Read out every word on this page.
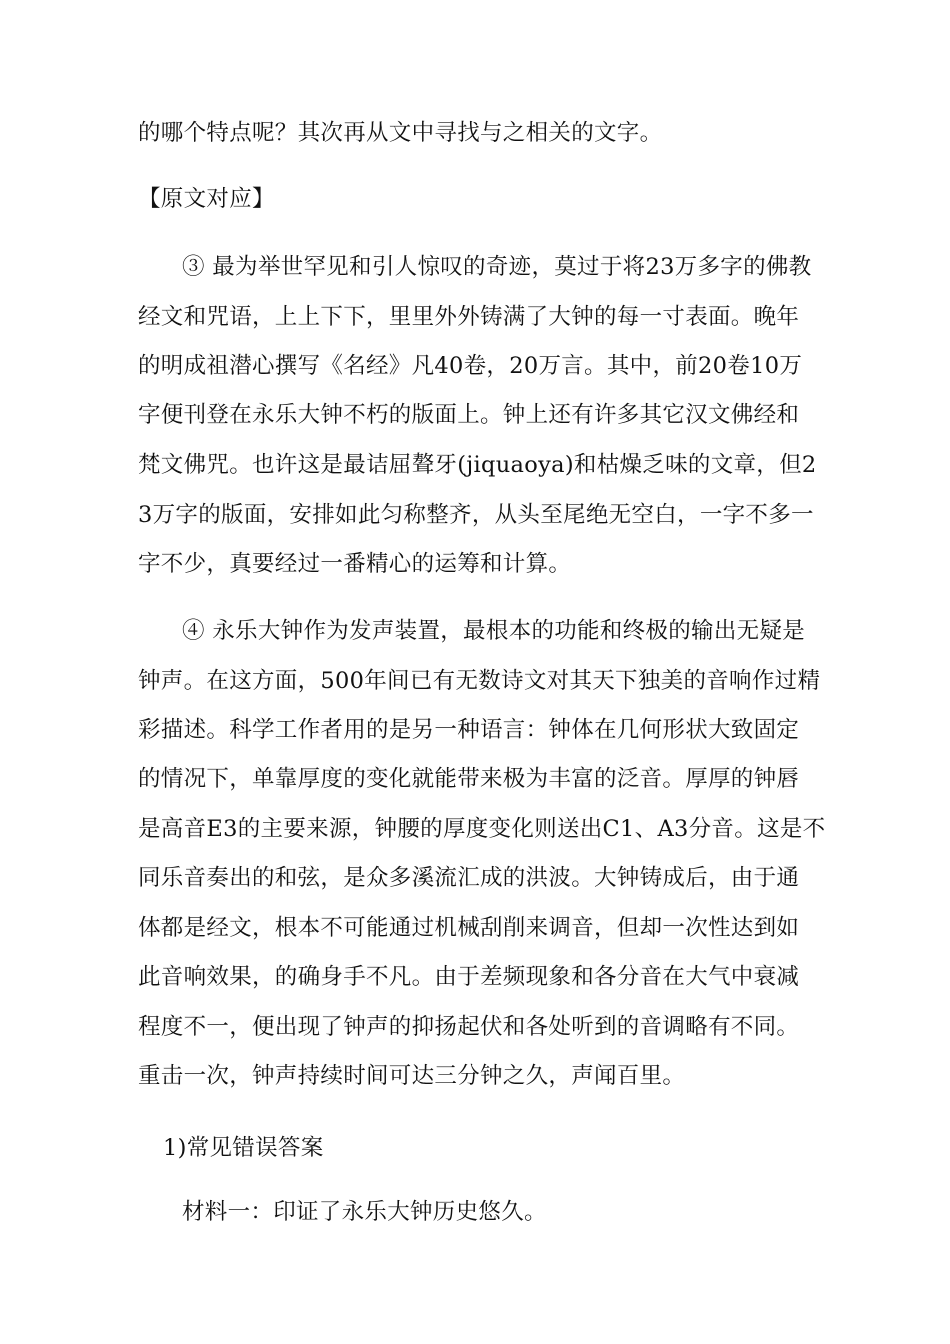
的哪个特点呢？其次再从文中寻找与之相关的文字。
【原文对应】
③ 最为举世罕见和引人惊叹的奇迹，莫过于将23万多字的佛教
经文和咒语，上上下下，里里外外铸满了大钟的每一寸表面。晚年
的明成祖潜心撰写《名经》凡40卷，20万言。其中，前20卷10万
字便刊登在永乐大钟不朽的版面上。钟上还有许多其它汉文佛经和
梵文佛咒。也许这是最诘屈聱牙(jiquaoya)和枯燥乏味的文章，但2
3万字的版面，安排如此匀称整齐，从头至尾绝无空白，一字不多一
字不少，真要经过一番精心的运筹和计算。
④ 永乐大钟作为发声装置，最根本的功能和终极的输出无疑是
钟声。在这方面，500年间已有无数诗文对其天下独美的音响作过精
彩描述。科学工作者用的是另一种语言：钟体在几何形状大致固定
的情况下，单靠厚度的变化就能带来极为丰富的泛音。厚厚的钟唇
是高音E3的主要来源，钟腰的厚度变化则送出C1、A3分音。这是不
同乐音奏出的和弦，是众多溪流汇成的洪波。大钟铸成后，由于通
体都是经文，根本不可能通过机械刮削来调音，但却一次性达到如
此音响效果，的确身手不凡。由于差频现象和各分音在大气中衰减
程度不一，便出现了钟声的抑扬起伏和各处听到的音调略有不同。
重击一次，钟声持续时间可达三分钟之久，声闻百里。
1)常见错误答案
材料一：印证了永乐大钟历史悠久。
